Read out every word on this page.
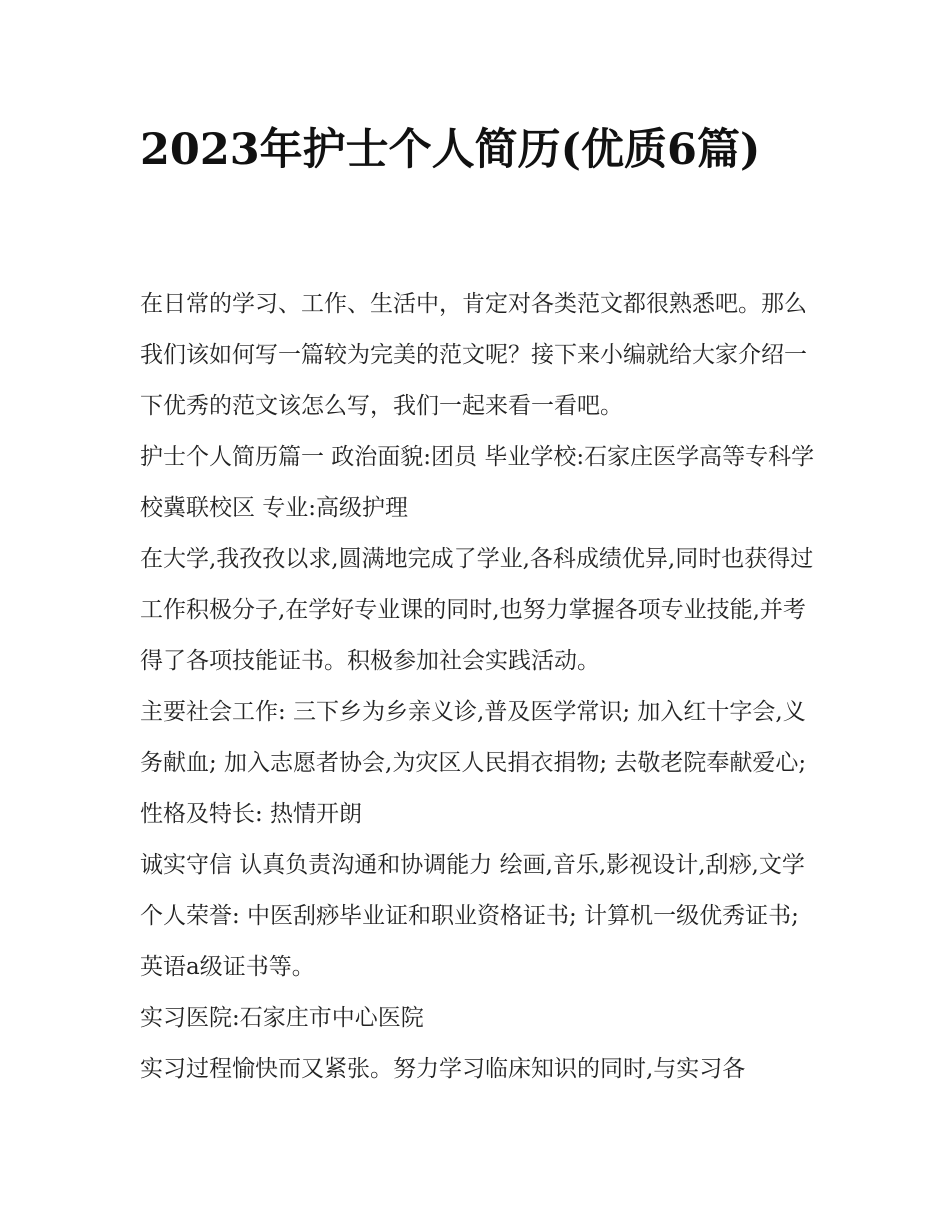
2023年护士个人简历(优质6篇)

在日常的学习、工作、生活中，肯定对各类范文都很熟悉吧。那么我们该如何写一篇较为完美的范文呢？接下来小编就给大家介绍一下优秀的范文该怎么写，我们一起来看一看吧。

护士个人简历篇一 政治面貌:团员 毕业学校:石家庄医学高等专科学校冀联校区 专业:高级护理

在大学,我孜孜以求,圆满地完成了学业,各科成绩优异,同时也获得过工作积极分子,在学好专业课的同时,也努力掌握各项专业技能,并考得了各项技能证书。积极参加社会实践活动。

主要社会工作: 三下乡为乡亲义诊,普及医学常识; 加入红十字会,义务献血; 加入志愿者协会,为灾区人民捐衣捐物; 去敬老院奉献爱心; 性格及特长: 热情开朗

诚实守信 认真负责沟通和协调能力 绘画,音乐,影视设计,刮痧,文学 个人荣誉: 中医刮痧毕业证和职业资格证书; 计算机一级优秀证书; 英语a级证书等。

实习医院:石家庄市中心医院

实习过程愉快而又紧张。努力学习临床知识的同时,与实习各
